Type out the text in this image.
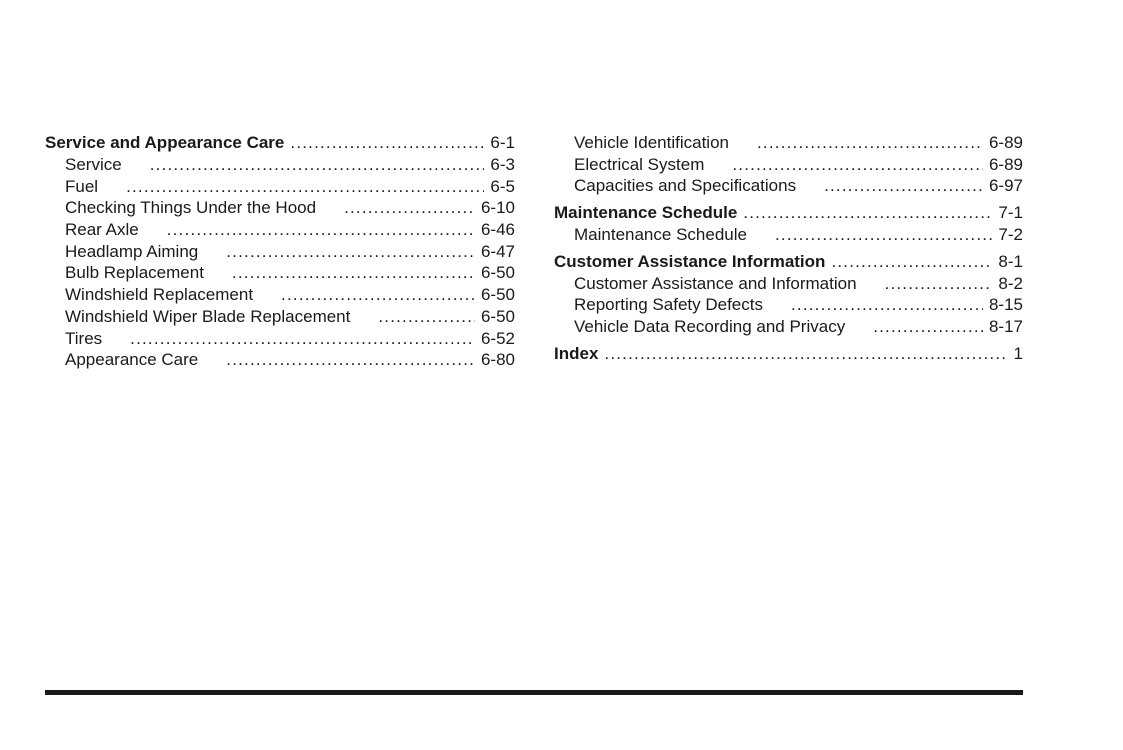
Service and Appearance Care .....	6-1
Service .....	6-3
Fuel .....	6-5
Checking Things Under the Hood .....	6-10
Rear Axle .....	6-46
Headlamp Aiming .....	6-47
Bulb Replacement .....	6-50
Windshield Replacement .....	6-50
Windshield Wiper Blade Replacement .....	6-50
Tires .....	6-52
Appearance Care .....	6-80
Vehicle Identification .....	6-89
Electrical System .....	6-89
Capacities and Specifications .....	6-97
Maintenance Schedule .....	7-1
Maintenance Schedule .....	7-2
Customer Assistance Information .....	8-1
Customer Assistance and Information .....	8-2
Reporting Safety Defects .....	8-15
Vehicle Data Recording and Privacy .....	8-17
Index .....	1
